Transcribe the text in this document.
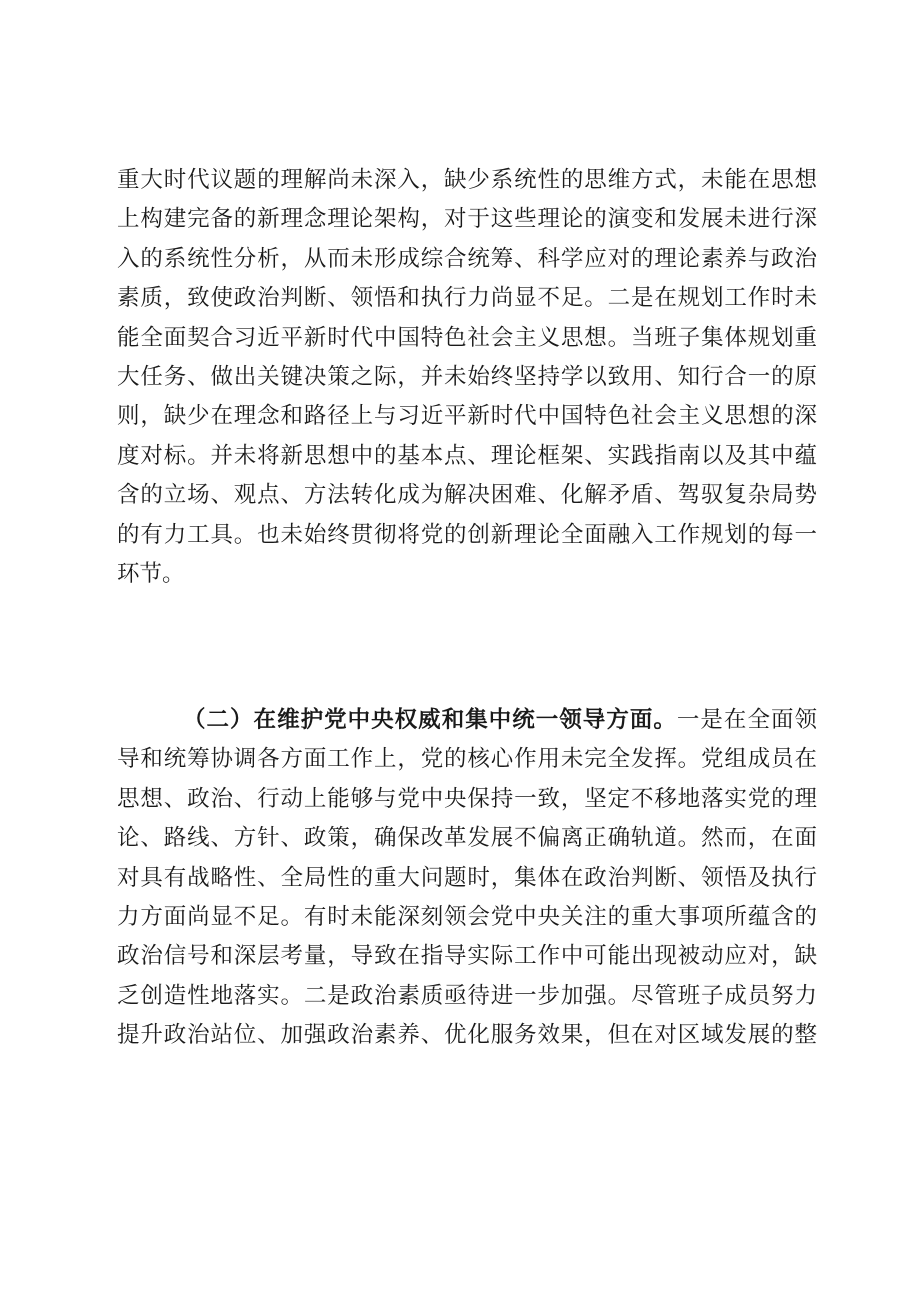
重大时代议题的理解尚未深入，缺少系统性的思维方式，未能在思想
上构建完备的新理念理论架构，对于这些理论的演变和发展未进行深
入的系统性分析，从而未形成综合统筹、科学应对的理论素养与政治
素质，致使政治判断、领悟和执行力尚显不足。二是在规划工作时未
能全面契合习近平新时代中国特色社会主义思想。当班子集体规划重
大任务、做出关键决策之际，并未始终坚持学以致用、知行合一的原
则，缺少在理念和路径上与习近平新时代中国特色社会主义思想的深
度对标。并未将新思想中的基本点、理论框架、实践指南以及其中蕴
含的立场、观点、方法转化成为解决困难、化解矛盾、驾驭复杂局势
的有力工具。也未始终贯彻将党的创新理论全面融入工作规划的每一
环节。
（二）在维护党中央权威和集中统一领导方面。一是在全面领
导和统筹协调各方面工作上，党的核心作用未完全发挥。党组成员在
思想、政治、行动上能够与党中央保持一致，坚定不移地落实党的理
论、路线、方针、政策，确保改革发展不偏离正确轨道。然而，在面
对具有战略性、全局性的重大问题时，集体在政治判断、领悟及执行
力方面尚显不足。有时未能深刻领会党中央关注的重大事项所蕴含的
政治信号和深层考量，导致在指导实际工作中可能出现被动应对，缺
乏创造性地落实。二是政治素质亟待进一步加强。尽管班子成员努力
提升政治站位、加强政治素养、优化服务效果，但在对区域发展的整
